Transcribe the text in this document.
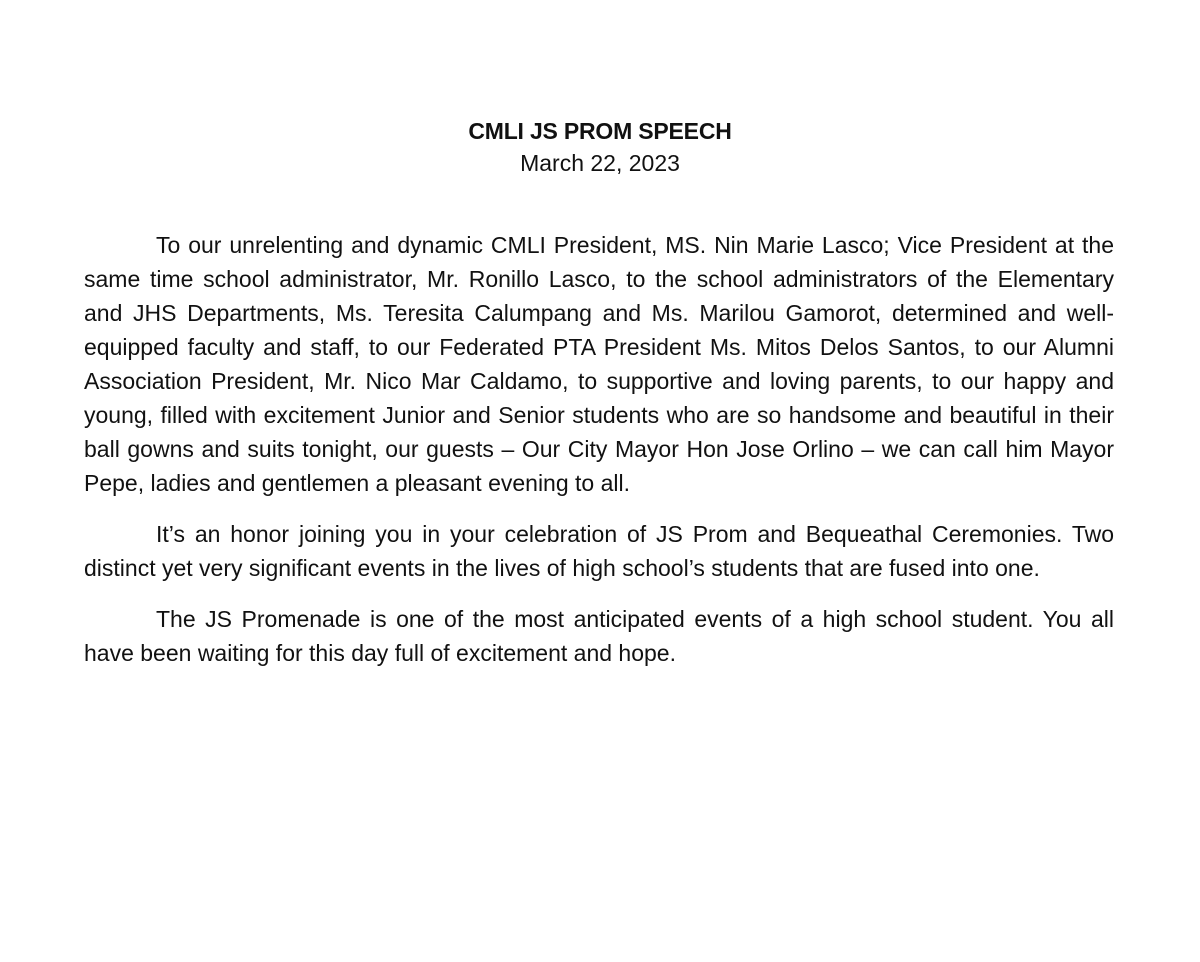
CMLI JS PROM SPEECH
March 22, 2023

To our unrelenting and dynamic CMLI President, MS. Nin Marie Lasco; Vice President at the same time school administrator, Mr. Ronillo Lasco, to the school administrators of the Elementary and JHS Departments, Ms. Teresita Calumpang and Ms. Marilou Gamorot, determined and well-equipped faculty and staff, to our Federated PTA President Ms. Mitos Delos Santos, to our Alumni Association President, Mr. Nico Mar Caldamo, to supportive and loving parents, to our happy and young, filled with excitement Junior and Senior students who are so handsome and beautiful in their ball gowns and suits tonight, our guests – Our City Mayor Hon Jose Orlino – we can call him Mayor Pepe, ladies and gentlemen a pleasant evening to all.

It’s an honor joining you in your celebration of JS Prom and Bequeathal Ceremonies. Two distinct yet very significant events in the lives of high school’s students that are fused into one.

The JS Promenade is one of the most anticipated events of a high school student. You all have been waiting for this day full of excitement and hope.
